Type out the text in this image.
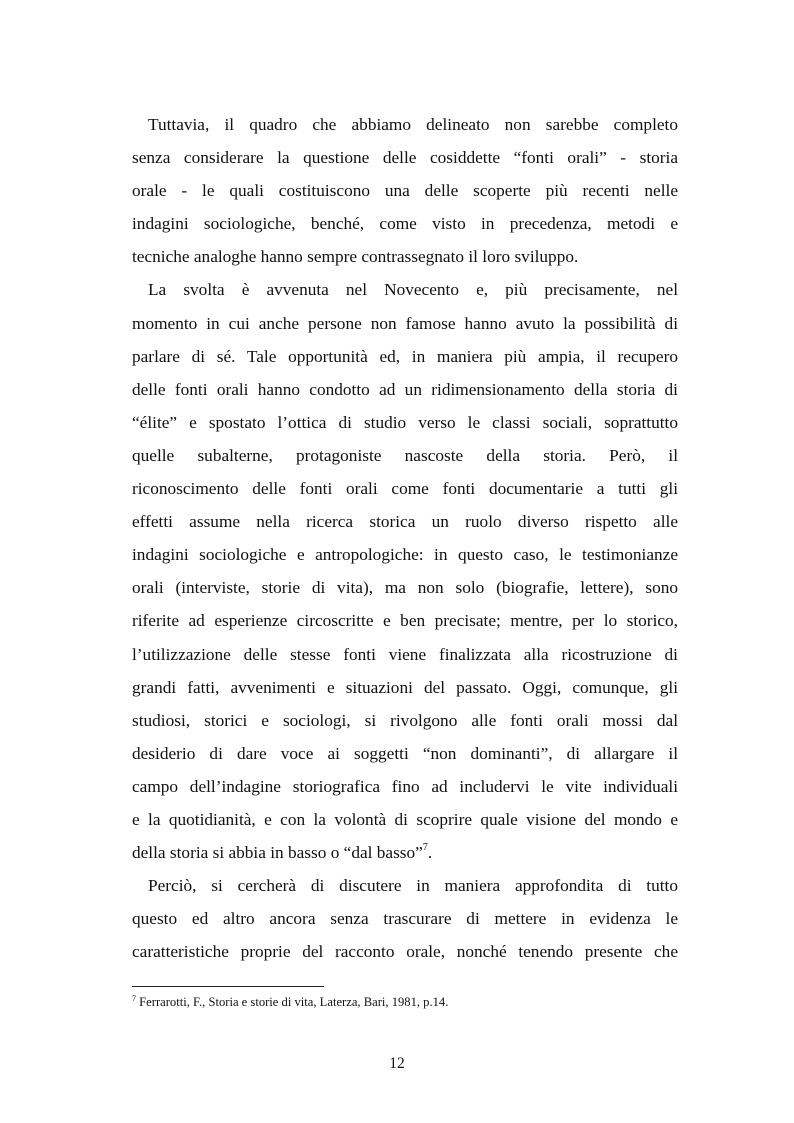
Tuttavia, il quadro che abbiamo delineato non sarebbe completo
senza considerare la questione delle cosiddette “fonti orali” - storia
orale - le quali costituiscono una delle scoperte più recenti nelle
indagini sociologiche, benché, come visto in precedenza, metodi e
tecniche analoghe hanno sempre contrassegnato il loro sviluppo.
La svolta è avvenuta nel Novecento e, più precisamente, nel
momento in cui anche persone non famose hanno avuto la possibilità di
parlare di sé. Tale opportunità ed, in maniera più ampia, il recupero
delle fonti orali hanno condotto ad un ridimensionamento della storia di
“élite” e spostato l’ottica di studio verso le classi sociali, soprattutto
quelle subalterne, protagoniste nascoste della storia. Però, il
riconoscimento delle fonti orali come fonti documentarie a tutti gli
effetti assume nella ricerca storica un ruolo diverso rispetto alle
indagini sociologiche e antropologiche: in questo caso, le testimonianze
orali (interviste, storie di vita), ma non solo (biografie, lettere), sono
riferite ad esperienze circoscritte e ben precisate; mentre, per lo storico,
l’utilizzazione delle stesse fonti viene finalizzata alla ricostruzione di
grandi fatti, avvenimenti e situazioni del passato. Oggi, comunque, gli
studiosi, storici e sociologi, si rivolgono alle fonti orali mossi dal
desiderio di dare voce ai soggetti “non dominanti”, di allargare il
campo dell’indagine storiografica fino ad includervi le vite individuali
e la quotidianità, e con la volontà di scoprire quale visione del mondo e
della storia si abbia in basso o “dal basso”$^7$.
Perciò, si cercherà di discutere in maniera approfondita di tutto
questo ed altro ancora senza trascurare di mettere in evidenza le
caratteristiche proprie del racconto orale, nonché tenendo presente che
$^7$ Ferrarotti, F., Storia e storie di vita, Laterza, Bari, 1981, p.14.
12
